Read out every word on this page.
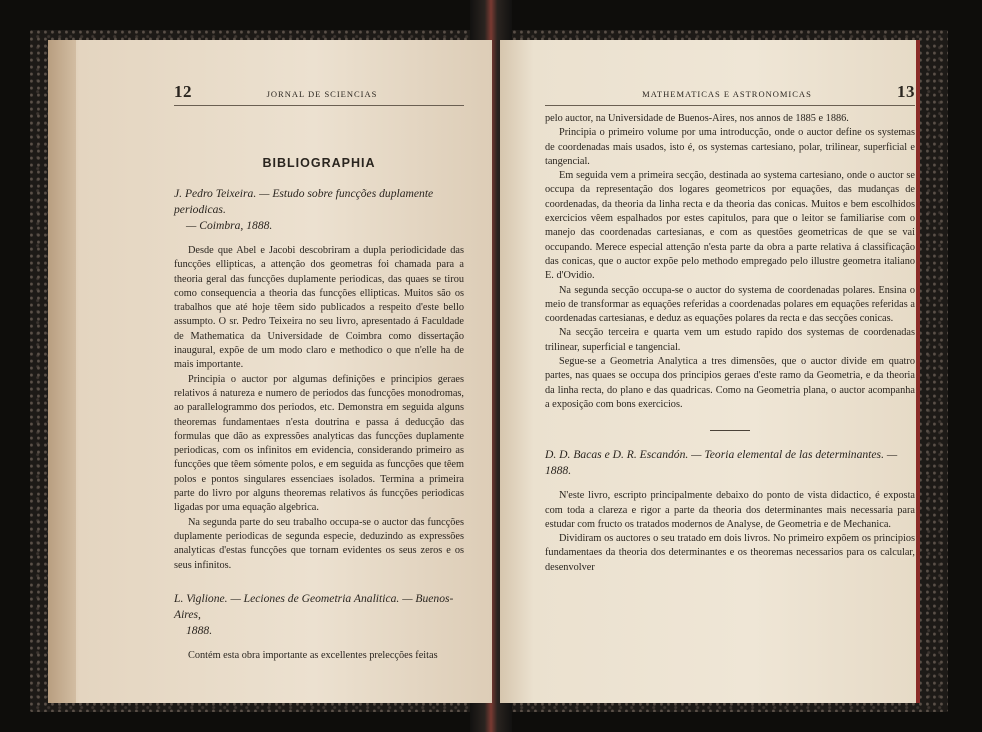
12	JORNAL DE SCIENCIAS
BIBLIOGRAPHIA
J. Pedro Teixeira. — Estudo sobre funcções duplamente periodicas.
— Coimbra, 1888.

Desde que Abel e Jacobi descobriram a dupla periodicidade das funcções ellipticas, a attenção dos geometras foi chamada para a theoria geral das funcções duplamente periodicas, das quaes se tirou como consequencia a theoria das funcções ellipticas. Muitos são os trabalhos que até hoje têem sido publicados a respeito d'este bello assumpto. O sr. Pedro Teixeira no seu livro, apresentado á Faculdade de Mathematica da Universidade de Coimbra como dissertação inaugural, expõe de um modo claro e methodico o que n'elle ha de mais importante.

Principia o auctor por algumas definições e principios geraes relativos á natureza e numero de periodos das funcções monodromas, ao parallelogrammo dos periodos, etc. Demonstra em seguida alguns theoremas fundamentaes n'esta doutrina e passa á deducção das formulas que dão as expressões analyticas das funcções duplamente periodicas, com os infinitos em evidencia, considerando primeiro as funcções que têem sómente polos, e em seguida as funcções que têem polos e pontos singulares essenciaes isolados. Termina a primeira parte do livro por alguns theoremas relativos ás funcções periodicas ligadas por uma equação algebrica.

Na segunda parte do seu trabalho occupa-se o auctor das funcções duplamente periodicas de segunda especie, deduzindo as expressões analyticas d'estas funcções que tornam evidentes os seus zeros e os seus infinitos.

L. Viglione. — Leciones de Geometria Analitica. — Buenos-Aires,
1888.

Contém esta obra importante as excellentes prelecções feitas

MATHEMATICAS E ASTRONOMICAS	13

pelo auctor, na Universidade de Buenos-Aires, nos annos de 1885 e 1886.

Principia o primeiro volume por uma introducção, onde o auctor define os systemas de coordenadas mais usados, isto é, os systemas cartesiano, polar, trilinear, superficial e tangencial.

Em seguida vem a primeira secção, destinada ao systema cartesiano, onde o auctor se occupa da representação dos logares geometricos por equações, das mudanças de coordenadas, da theoria da linha recta e da theoria das conicas. Muitos e bem escolhidos exercicios vêem espalhados por estes capitulos, para que o leitor se familiarise com o manejo das coordenadas cartesianas, e com as questões geometricas de que se vai occupando. Merece especial attenção n'esta parte da obra a parte relativa á classificação das conicas, que o auctor expõe pelo methodo empregado pelo illustre geometra italiano E. d'Ovidio.

Na segunda secção occupa-se o auctor do systema de coordenadas polares. Ensina o meio de transformar as equações referidas a coordenadas polares em equações referidas a coordenadas cartesianas, e deduz as equações polares da recta e das secções conicas.

Na secção terceira e quarta vem um estudo rapido dos systemas de coordenadas trilinear, superficial e tangencial.

Segue-se a Geometria Analytica a tres dimensões, que o auctor divide em quatro partes, nas quaes se occupa dos principios geraes d'este ramo da Geometria, e da theoria da linha recta, do plano e das quadricas. Como na Geometria plana, o auctor acompanha a exposição com bons exercicios.

D. D. Bacas e D. R. Escandón. — Teoria elemental de las determinantes. — 1888.

N'este livro, escripto principalmente debaixo do ponto de vista didactico, é exposta com toda a clareza e rigor a parte da theoria dos determinantes mais necessaria para estudar com fructo os tratados modernos de Analyse, de Geometria e de Mechanica.

Dividiram os auctores o seu tratado em dois livros. No primeiro expõem os principios fundamentaes da theoria dos determinantes e os theoremas necessarios para os calcular, desenvolver
